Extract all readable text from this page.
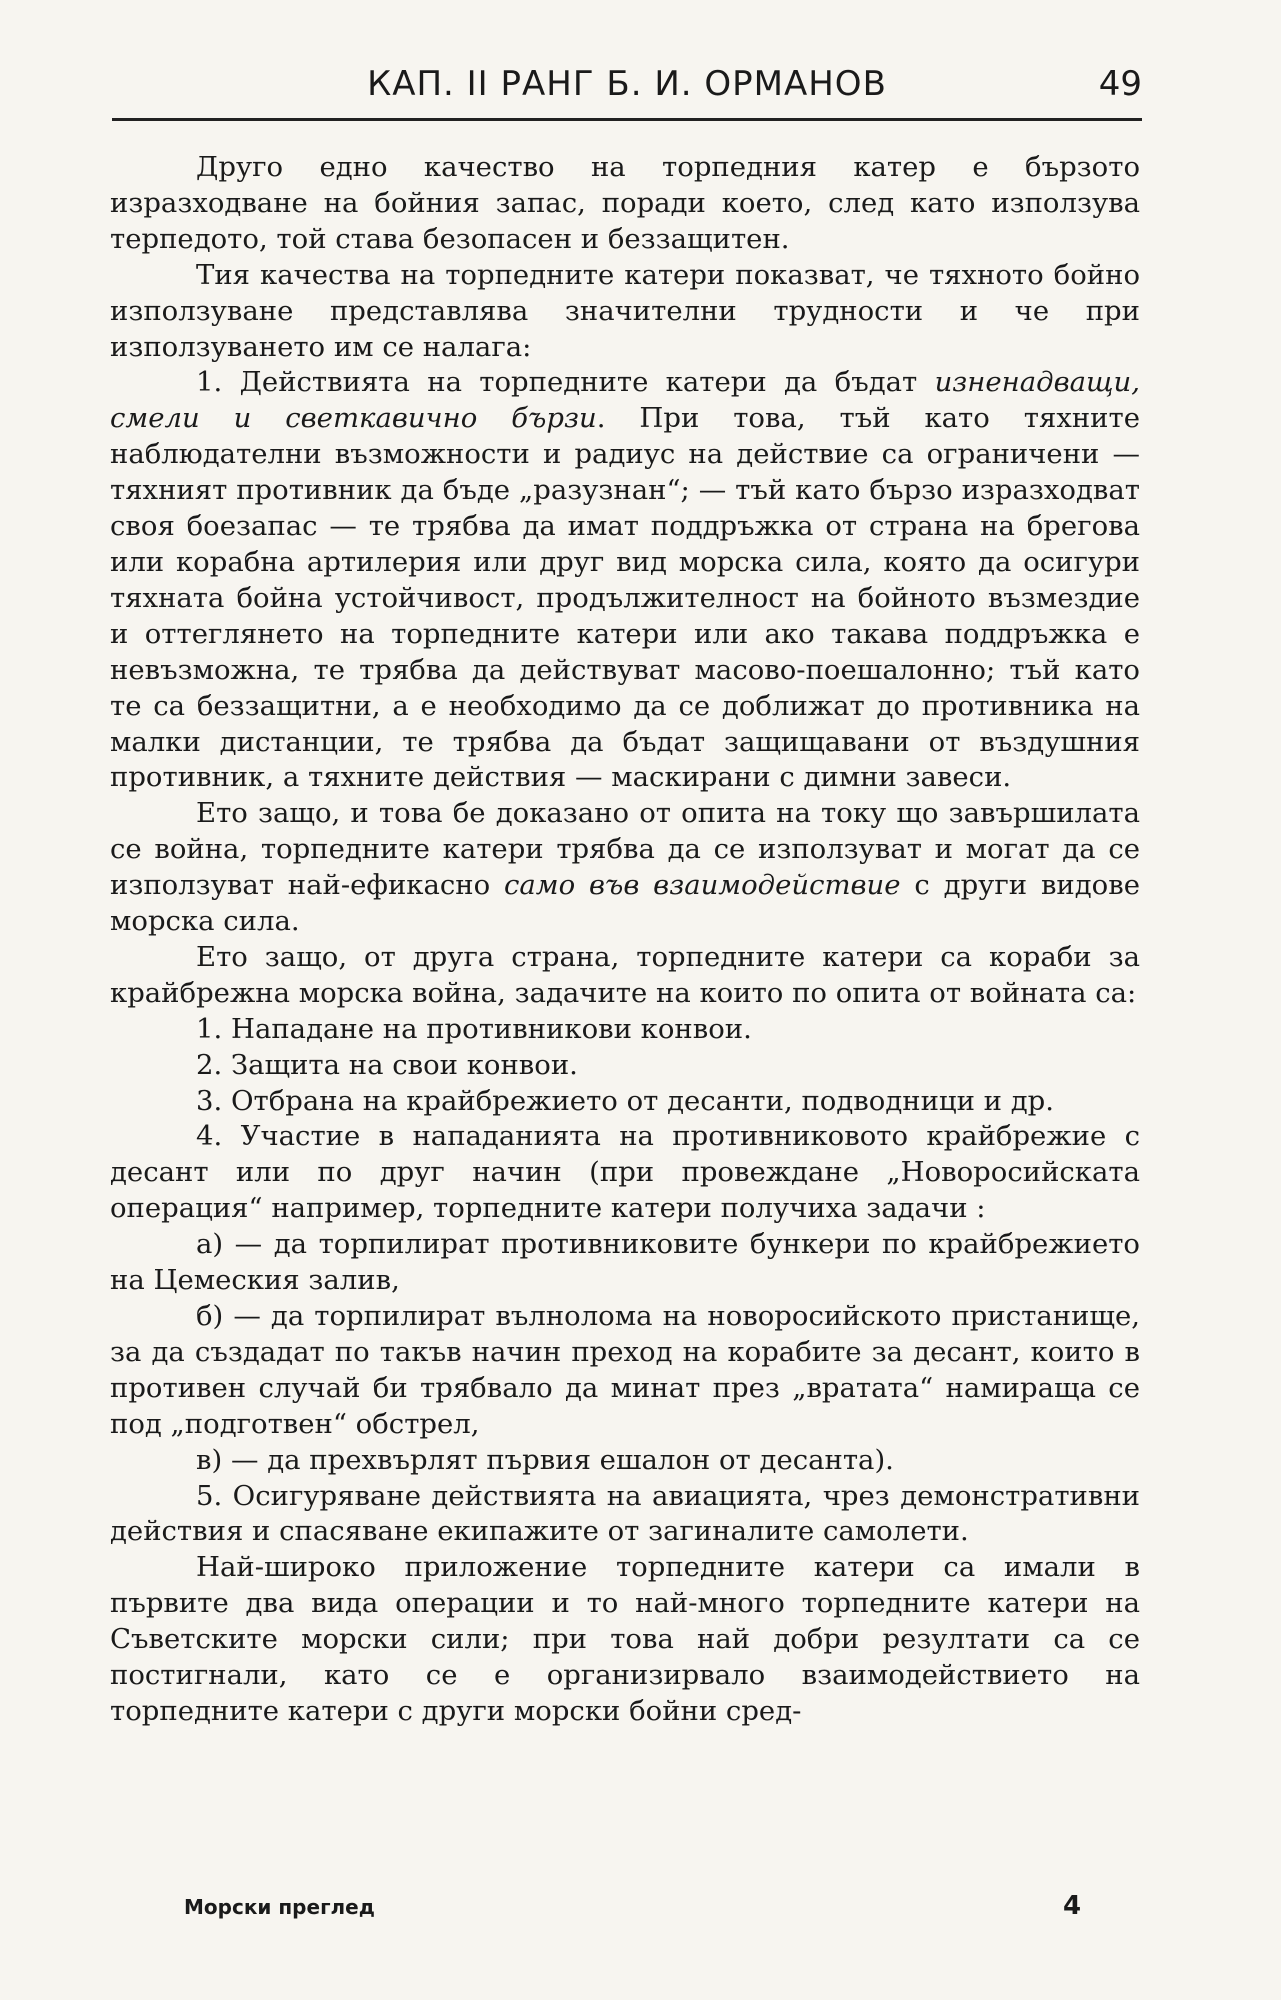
КАП. II РАНГ Б. И. ОРМАНОВ	49

Друго едно качество на торпедния катер е бързото изразходване на бойния запас, поради което, след като използува терпедото, той става безопасен и беззащитен.

Тия качества на торпедните катери показват, че тяхното бойно използуване представлява значителни трудности и че при използуването им се налага:

1. Действията на торпедните катери да бъдат изненадващи, смели и светкавично бързи. При това, тъй като тяхните наблюдателни възможности и радиус на действие са ограничени — тяхният противник да бъде „разузнан“; — тъй като бързо изразходват своя боезапас — те трябва да имат поддръжка от страна на брегова или корабна артилерия или друг вид морска сила, която да осигури тяхната бойна устойчивост, продължителност на бойното възмездие и оттеглянето на торпедните катери или ако такава поддръжка е невъзможна, те трябва да действуват масово-поешалонно; тъй като те са беззащитни, а е необходимо да се доближат до противника на малки дистанции, те трябва да бъдат защищавани от въздушния противник, а тяхните действия — маскирани с димни завеси.

Ето защо, и това бе доказано от опита на току що завършилата се война, торпедните катери трябва да се използуват и могат да се използуват най-ефикасно само във взаимодействие с други видове морска сила.

Ето защо, от друга страна, торпедните катери са кораби за крайбрежна морска война, задачите на които по опита от войната са:

1. Нападане на противникови конвои.

2. Защита на свои конвои.

3. Отбрана на крайбрежието от десанти, подводници и др.

4. Участие в нападанията на противниковото крайбрежие с десант или по друг начин (при провеждане „Новоросийската операция“ например, торпедните катери получиха задачи :

а) — да торпилират противниковите бункери по крайбрежието на Цемеския залив,

б) — да торпилират вълнолома на новоросийското пристанище, за да създадат по такъв начин преход на корабите за десант, които в противен случай би трябвало да минат през „вратата“ намираща се под „подготвен“ обстрел,

в) — да прехвърлят първия ешалон от десанта).

5. Осигуряване действията на авиацията, чрез демонстративни действия и спасяване екипажите от загиналите самолети.

Най-широко приложение торпедните катери са имали в първите два вида операции и то най-много торпедните катери на Съветските морски сили; при това най добри резултати са се постигнали, като се е организирвало взаимодействието на торпедните катери с други морски бойни сред-

Морски преглед	4
